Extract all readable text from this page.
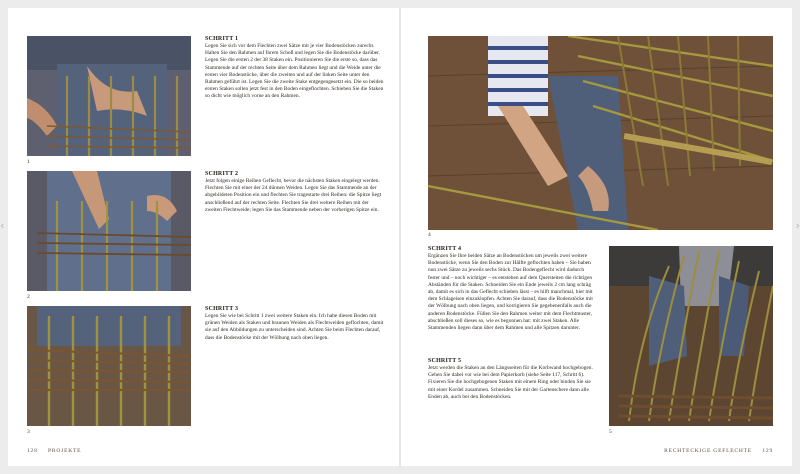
‹	›
1
SCHRITT 1
Legen Sie sich vor dem Flechten zwei Sätze mit je vier Bodenstöcken zurecht. Halten Sie den Rahmen auf Ihrem Schoß und legen Sie die Bodenstöcke darüber. Legen Sie die ersten 2 der 38 Staken ein. Positionieren Sie die erste so, dass das Stammende auf der rechten Seite über dem Rahmen liegt und die Weide unter die ersten vier Bodenstöcke, über die zweiten und auf der linken Seite unter den Rahmen geführt ist. Legen Sie die zweite Stake entgegengesetzt ein. Die so beiden ersten Staken sollen jetzt fest in den Boden eingeflochten. Schieben Sie die Staken so dicht wie möglich vorne an den Rahmen.
2
SCHRITT 2
Jetzt folgen einige Reihen Geflecht, bevor die nächsten Staken eingelegt werden. Flechten Sie mit einer der 24 dünnen Weiden. Legen Sie das Stammende an der abgebildeten Position ein und flechten Sie tragestarte drei Reihen: die Spitze liegt anschließend auf der rechten Seite. Flechten Sie drei weitere Reihen mit der zweiten Flechtweide; legen Sie das Stammende neben der vorherigen Spitze ein.
3
SCHRITT 3
Legen Sie wie bei Schritt 1 zwei weitere Staken ein. Ich habe diesen Boden mit grünen Weiden als Staken und braunen Weiden als Flechtweiden geflochten, damit sie auf den Abbildungen zu unterscheiden sind. Achten Sie beim Flechten darauf, dass die Bodenstöcke mit der Wölbung nach oben liegen.
128 PROJEKTE
4
SCHRITT 4
Ergänzen Sie Ihre beiden Sätze an Bodenstöcken um jeweils zwei weitere Bodenstöcke, wenn Sie den Boden zur Hälfte geflochten haben – Sie haben nun zwei Sätze zu jeweils sechs Stück. Das Bodengeflecht wird dadurch fester und – noch wichtiger – es entstehen auf dem Quersteiten die richtigen Abständen für die Staken. Schneiden Sie ein Ende jeweils 2 cm lang schräg ab, damit es sich in das Geflecht schieben lässt – es hilft manchmal, hier mit dem Schlageisen einzuklopfen. Achten Sie darauf, dass die Bodenstöcke mit der Wölbung nach oben liegen, und korrigieren Sie gegebenenfalls auch die anderen Bodenstöcke. Füllen Sie den Rahmen weiter mit dem Flechtmuster, abschließen soll dieses so, wie es begonnen hat: mit zwei Staken. Alle Stammenden liegen dann über dem Rahmen und alle Spitzen darunter.
SCHRITT 5
Jetzt werden die Staken an den Längsseiten für die Korbwand hochgebogen. Gehen Sie dabei vor wie bei dem Papierkorb (siehe Seite 117, Schritt 6). Fixieren Sie die hochgebogenen Staken mit einem Ring oder binden Sie sie mit einer Kordel zusammen. Schneiden Sie mit der Gartenschere dann alle Enden ab, auch bei den Bodenstöcken.
5
RECHTECKIGE GEFLECHTE 129
